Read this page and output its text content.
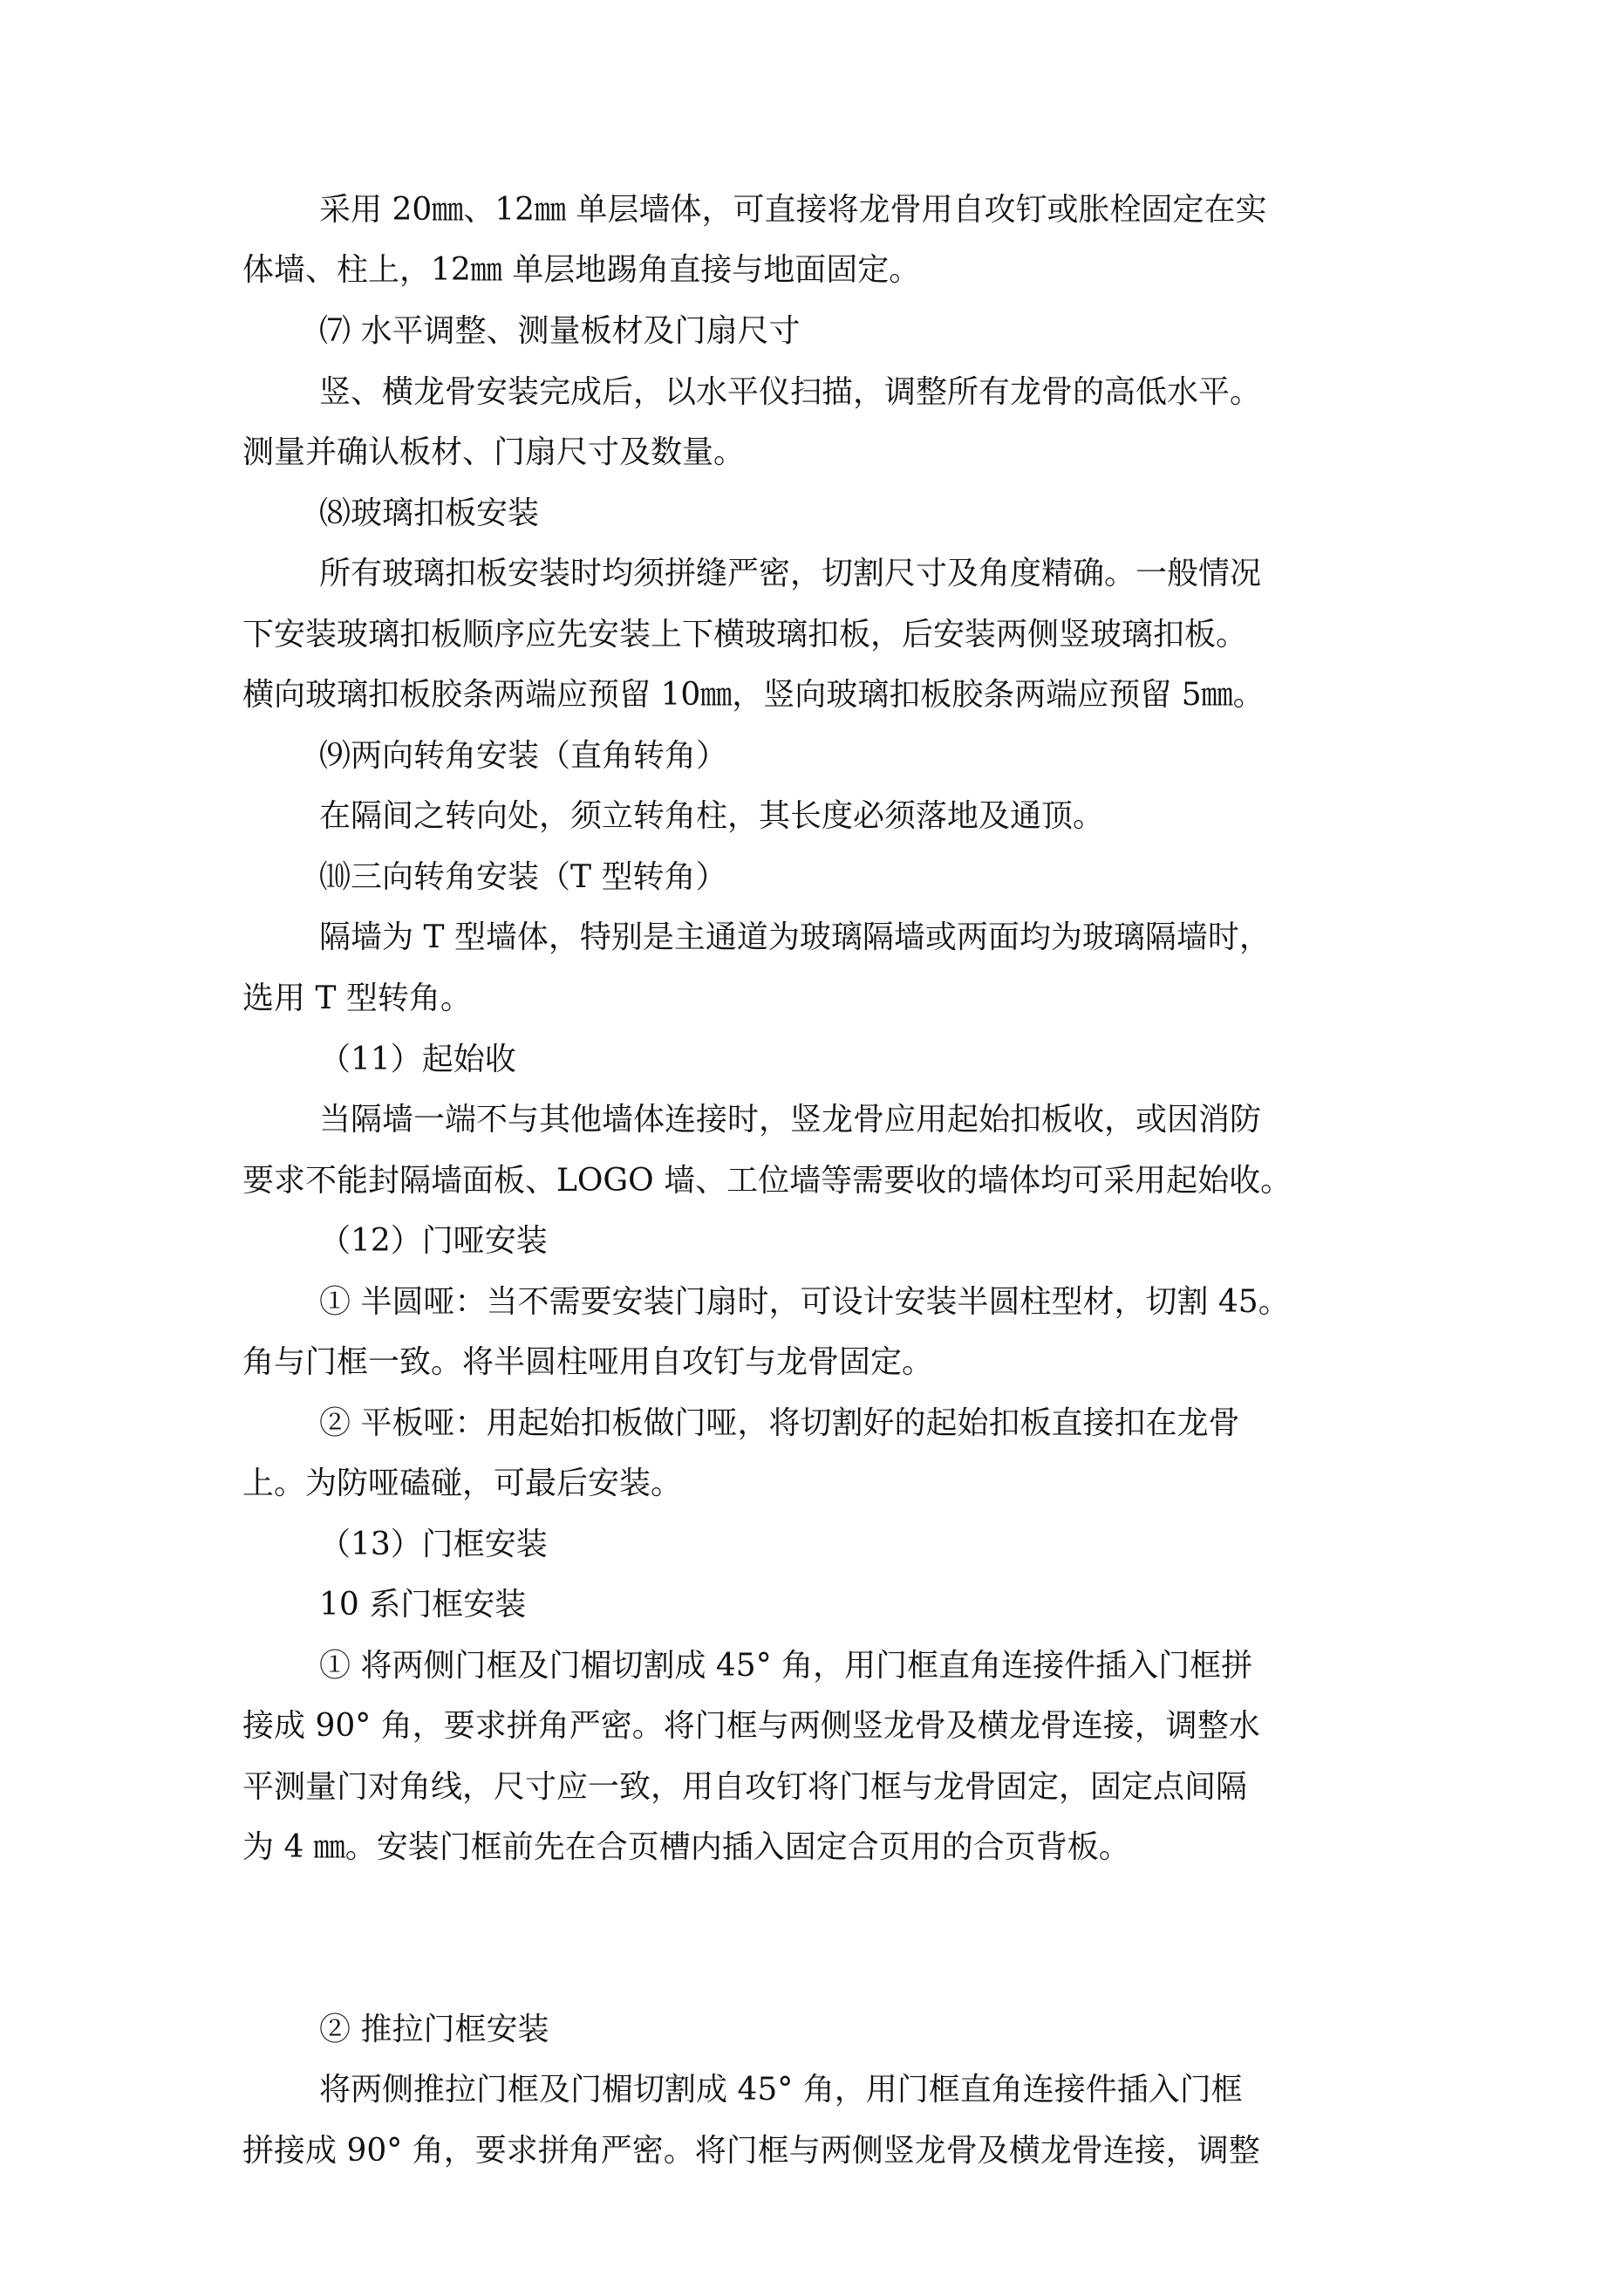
采用 20㎜、12㎜ 单层墙体，可直接将龙骨用自攻钉或胀栓固定在实
体墙、柱上，12㎜ 单层地踢角直接与地面固定。
⑺ 水平调整、测量板材及门扇尺寸
竖、横龙骨安装完成后，以水平仪扫描，调整所有龙骨的高低水平。
测量并确认板材、门扇尺寸及数量。
⑻玻璃扣板安装
所有玻璃扣板安装时均须拼缝严密，切割尺寸及角度精确。一般情况
下安装玻璃扣板顺序应先安装上下横玻璃扣板，后安装两侧竖玻璃扣板。
横向玻璃扣板胶条两端应预留 10㎜，竖向玻璃扣板胶条两端应预留 5㎜。
⑼两向转角安装（直角转角）
在隔间之转向处，须立转角柱，其长度必须落地及通顶。
⑽三向转角安装（T 型转角）
隔墙为 T 型墙体，特别是主通道为玻璃隔墙或两面均为玻璃隔墙时，
选用 T 型转角。
（11）起始收
当隔墙一端不与其他墙体连接时，竖龙骨应用起始扣板收，或因消防
要求不能封隔墙面板、LOGO 墙、工位墙等需要收的墙体均可采用起始收。
（12）门哑安装
① 半圆哑：当不需要安装门扇时，可设计安装半圆柱型材，切割 45。
角与门框一致。将半圆柱哑用自攻钉与龙骨固定。
② 平板哑：用起始扣板做门哑，将切割好的起始扣板直接扣在龙骨
上。为防哑磕碰，可最后安装。
（13）门框安装
10 系门框安装
① 将两侧门框及门楣切割成 45° 角，用门框直角连接件插入门框拼
接成 90° 角，要求拼角严密。将门框与两侧竖龙骨及横龙骨连接，调整水
平测量门对角线，尺寸应一致，用自攻钉将门框与龙骨固定，固定点间隔
为 4 ㎜。安装门框前先在合页槽内插入固定合页用的合页背板。
② 推拉门框安装
将两侧推拉门框及门楣切割成 45° 角，用门框直角连接件插入门框
拼接成 90° 角，要求拼角严密。将门框与两侧竖龙骨及横龙骨连接，调整
